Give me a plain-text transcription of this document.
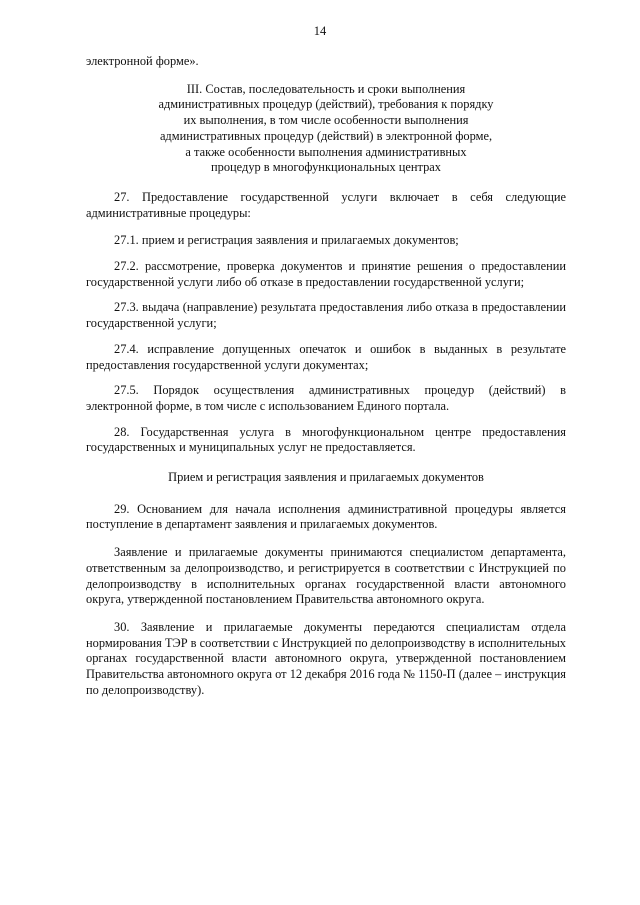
14

электронной форме».

III. Состав, последовательность и сроки выполнения
административных процедур (действий), требования к порядку
их выполнения, в том числе особенности выполнения
административных процедур (действий) в электронной форме,
а также особенности выполнения административных
процедур в многофункциональных центрах

27. Предоставление государственной услуги включает в себя следующие административные процедуры:

27.1. прием и регистрация заявления и прилагаемых документов;

27.2. рассмотрение, проверка документов и принятие решения о предоставлении государственной услуги либо об отказе в предоставлении государственной услуги;

27.3. выдача (направление) результата предоставления либо отказа в предоставлении государственной услуги;

27.4. исправление допущенных опечаток и ошибок в выданных в результате предоставления государственной услуги документах;

27.5. Порядок осуществления административных процедур (действий) в электронной форме, в том числе с использованием Единого портала.

28. Государственная услуга в многофункциональном центре предоставления государственных и муниципальных услуг не предоставляется.

Прием и регистрация заявления и прилагаемых документов

29. Основанием для начала исполнения административной процедуры является поступление в департамент заявления и прилагаемых документов.

Заявление и прилагаемые документы принимаются специалистом департамента, ответственным за делопроизводство, и регистрируется в соответствии с Инструкцией по делопроизводству в исполнительных органах государственной власти автономного округа, утвержденной постановлением Правительства автономного округа.

30. Заявление и прилагаемые документы передаются специалистам отдела нормирования ТЭР в соответствии с Инструкцией по делопроизводству в исполнительных органах государственной власти автономного округа, утвержденной постановлением Правительства автономного округа от 12 декабря 2016 года № 1150-П (далее – инструкция по делопроизводству).
